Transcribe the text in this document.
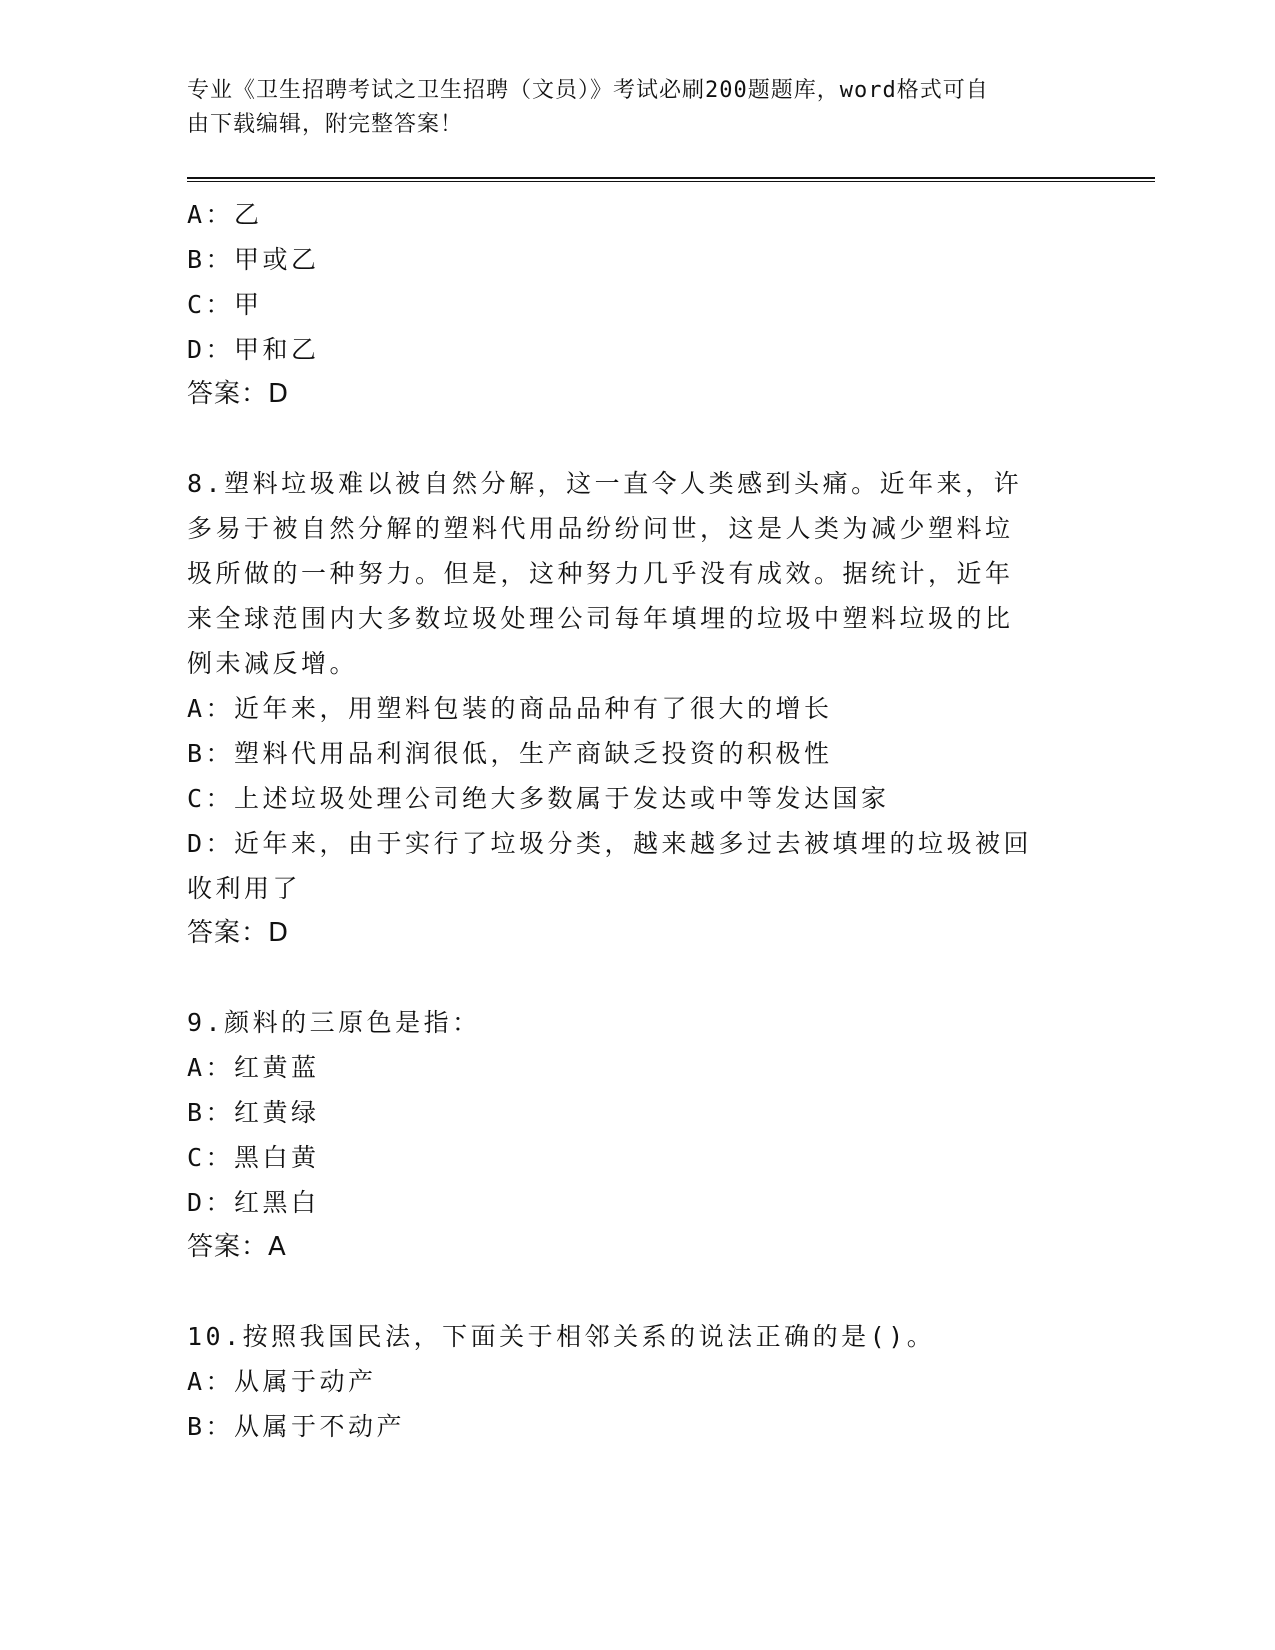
专业《卫生招聘考试之卫生招聘（文员）》考试必刷200题题库，word格式可自
由下载编辑，附完整答案！
A：乙
B：甲或乙
C：甲
D：甲和乙
答案：D
8.塑料垃圾难以被自然分解，这一直令人类感到头痛。近年来，许多易于被自然分解的塑料代用品纷纷问世，这是人类为减少塑料垃圾所做的一种努力。但是，这种努力几乎没有成效。据统计，近年来全球范围内大多数垃圾处理公司每年填埋的垃圾中塑料垃圾的比例未减反增。
A：近年来，用塑料包装的商品品种有了很大的增长
B：塑料代用品利润很低，生产商缺乏投资的积极性
C：上述垃圾处理公司绝大多数属于发达或中等发达国家
D：近年来，由于实行了垃圾分类，越来越多过去被填埋的垃圾被回收利用了
答案：D
9.颜料的三原色是指：
A：红黄蓝
B：红黄绿
C：黑白黄
D：红黑白
答案：A
10.按照我国民法，下面关于相邻关系的说法正确的是()。
A：从属于动产
B：从属于不动产
